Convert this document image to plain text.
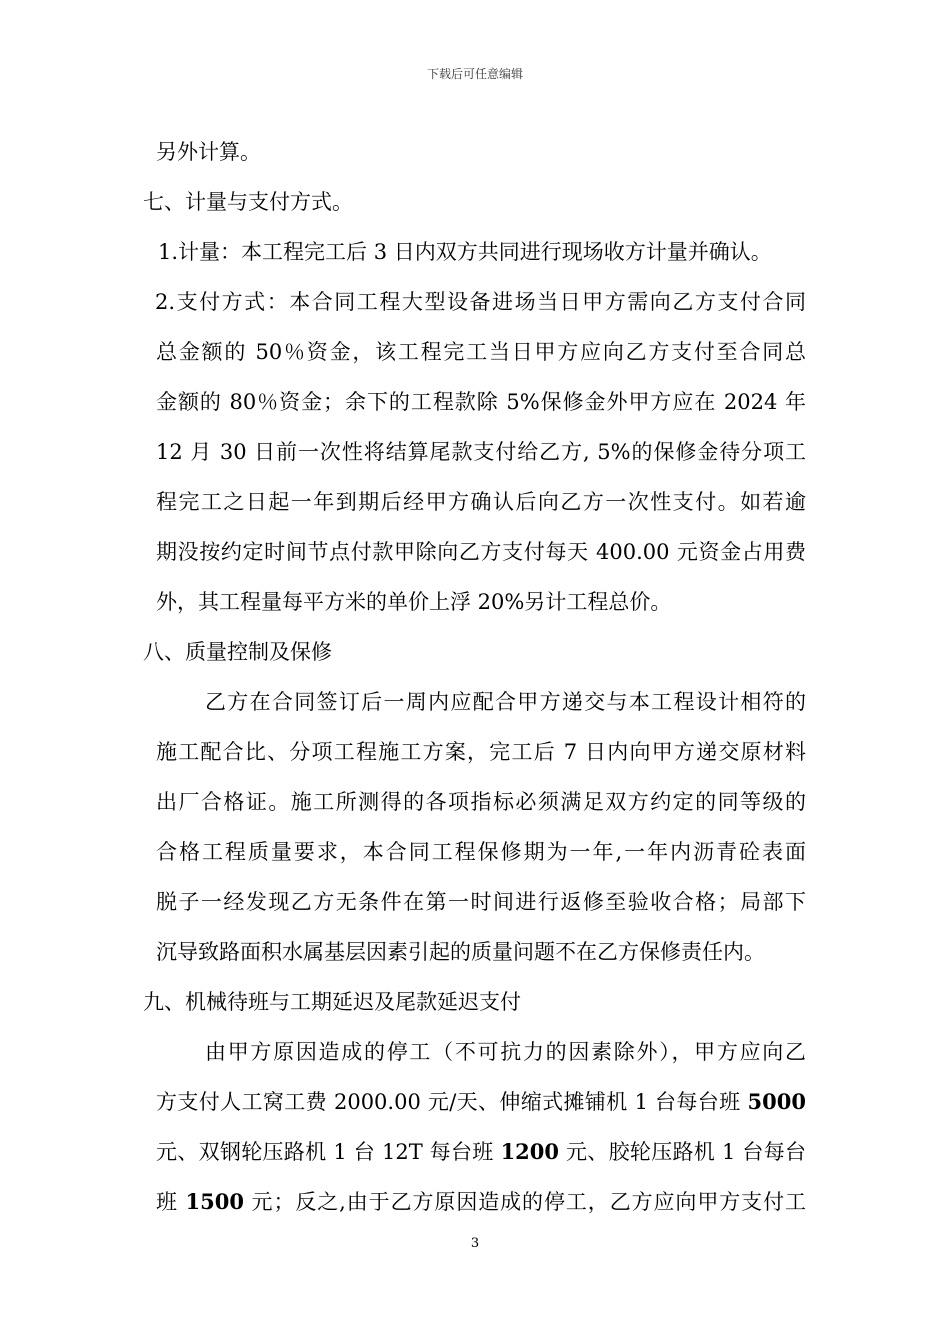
下载后可任意编辑
另外计算。
七、计量与支付方式。
1.计量：本工程完工后 3 日内双方共同进行现场收方计量并确认。
2.支付方式：本合同工程大型设备进场当日甲方需向乙方支付合同
总金额的 50％资金，该工程完工当日甲方应向乙方支付至合同总
金额的 80％资金；余下的工程款除 5%保修金外甲方应在 2024 年
12 月 30 日前一次性将结算尾款支付给乙方, 5%的保修金待分项工
程完工之日起一年到期后经甲方确认后向乙方一次性支付。如若逾
期没按约定时间节点付款甲除向乙方支付每天 400.00 元资金占用费
外，其工程量每平方米的单价上浮 20%另计工程总价。
八、质量控制及保修
乙方在合同签订后一周内应配合甲方递交与本工程设计相符的
施工配合比、分项工程施工方案，完工后 7 日内向甲方递交原材料
出厂合格证。施工所测得的各项指标必须满足双方约定的同等级的
合格工程质量要求，本合同工程保修期为一年,一年内沥青砼表面
脱子一经发现乙方无条件在第一时间进行返修至验收合格；局部下
沉导致路面积水属基层因素引起的质量问题不在乙方保修责任内。
九、机械待班与工期延迟及尾款延迟支付
由甲方原因造成的停工（不可抗力的因素除外），甲方应向乙
方支付人工窝工费 2000.00 元/天、伸缩式摊铺机 1 台每台班 5000
元、双钢轮压路机 1 台 12T 每台班 1200 元、胶轮压路机 1 台每台
班 1500 元；反之,由于乙方原因造成的停工，乙方应向甲方支付工
3
